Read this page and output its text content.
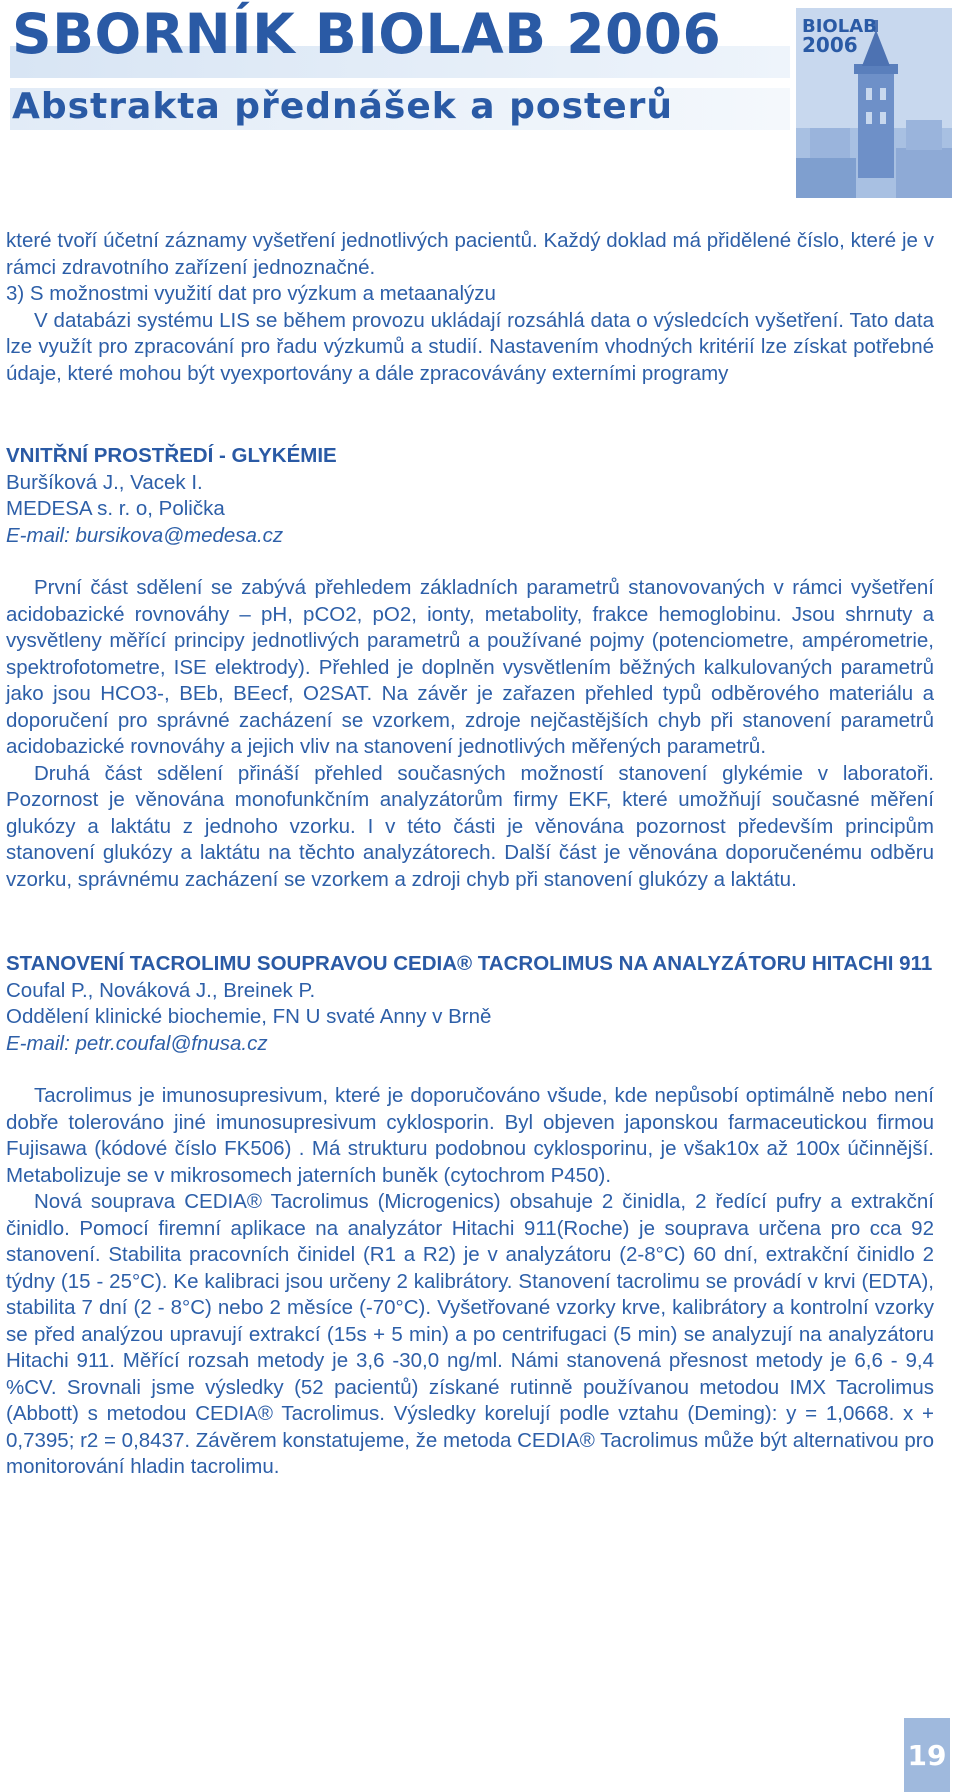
SBORNÍK BIOLAB 2006
Abstrakta přednášek a posterů
BIOLAB
2006

které tvoří účetní záznamy vyšetření jednotlivých pacientů. Každý doklad má přidělené číslo, které je v rámci zdravotního zařízení jednoznačné.

3) S možnostmi využití dat pro výzkum a metaanalýzu

V databázi systému LIS se během provozu ukládají rozsáhlá data o výsledcích vyšetření. Tato data lze využít pro zpracování pro řadu výzkumů a studií. Nastavením vhodných kritérií lze získat potřebné údaje, které mohou být vyexportovány a dále zpracovávány externími programy

VNITŘNÍ PROSTŘEDÍ - GLYKÉMIE

Buršíková J., Vacek I.

MEDESA s. r. o, Polička

E-mail: bursikova@medesa.cz

První část sdělení se zabývá přehledem základních parametrů stanovovaných v rámci vyšetření acidobazické rovnováhy – pH, pCO2, pO2, ionty, metabolity, frakce hemoglobinu. Jsou shrnuty a vysvětleny měřící principy jednotlivých parametrů a používané pojmy (potenciometre, ampérometrie, spektrofotometre, ISE elektrody). Přehled je doplněn vysvětlením běžných kalkulovaných parametrů jako jsou HCO3-, BEb, BEecf, O2SAT. Na závěr je zařazen přehled typů odběrového materiálu a doporučení pro správné zacházení se vzorkem, zdroje nejčastějších chyb při stanovení parametrů acidobazické rovnováhy a jejich vliv na stanovení jednotlivých měřených parametrů.

Druhá část sdělení přináší přehled současných možností stanovení glykémie v laboratoři. Pozornost je věnována monofunkčním analyzátorům firmy EKF, které umožňují současné měření glukózy a laktátu z jednoho vzorku. I v této části je věnována pozornost především principům stanovení glukózy a laktátu na těchto analyzátorech. Další část je věnována doporučenému odběru vzorku, správnému zacházení se vzorkem a zdroji chyb při stanovení glukózy a laktátu.

STANOVENÍ TACROLIMU SOUPRAVOU CEDIA® TACROLIMUS NA ANALYZÁTORU HITACHI 911

Coufal P., Nováková J., Breinek P.

Oddělení klinické biochemie, FN U svaté Anny v Brně

E-mail: petr.coufal@fnusa.cz

Tacrolimus je imunosupresivum, které je doporučováno všude, kde nepůsobí optimálně nebo není dobře tolerováno jiné imunosupresivum cyklosporin. Byl objeven japonskou farmaceutickou firmou Fujisawa (kódové číslo FK506) . Má strukturu podobnou cyklosporinu, je však10x až 100x účinnější. Metabolizuje se v mikrosomech jaterních buněk (cytochrom P450).

Nová souprava CEDIA® Tacrolimus (Microgenics) obsahuje 2 činidla, 2 ředící pufry a extrakční činidlo. Pomocí firemní aplikace na analyzátor Hitachi 911(Roche) je souprava určena pro cca 92 stanovení. Stabilita pracovních činidel (R1 a R2) je v analyzátoru (2-8°C) 60 dní, extrakční činidlo 2 týdny (15 - 25°C). Ke kalibraci jsou určeny 2 kalibrátory. Stanovení tacrolimu se provádí v krvi (EDTA), stabilita 7 dní (2 - 8°C) nebo 2 měsíce (-70°C). Vyšetřované vzorky krve, kalibrátory a kontrolní vzorky se před analýzou upravují extrakcí (15s + 5 min) a po centrifugaci (5 min) se analyzují na analyzátoru Hitachi 911. Měřící rozsah metody je 3,6 -30,0 ng/ml. Námi stanovená přesnost metody je 6,6 - 9,4 %CV. Srovnali jsme výsledky (52 pacientů) získané rutinně používanou metodou IMX Tacrolimus (Abbott) s metodou CEDIA® Tacrolimus. Výsledky korelují podle vztahu (Deming): y = 1,0668. x + 0,7395; r2 = 0,8437. Závěrem konstatujeme, že metoda CEDIA® Tacrolimus může být alternativou pro monitorování hladin tacrolimu.

19
